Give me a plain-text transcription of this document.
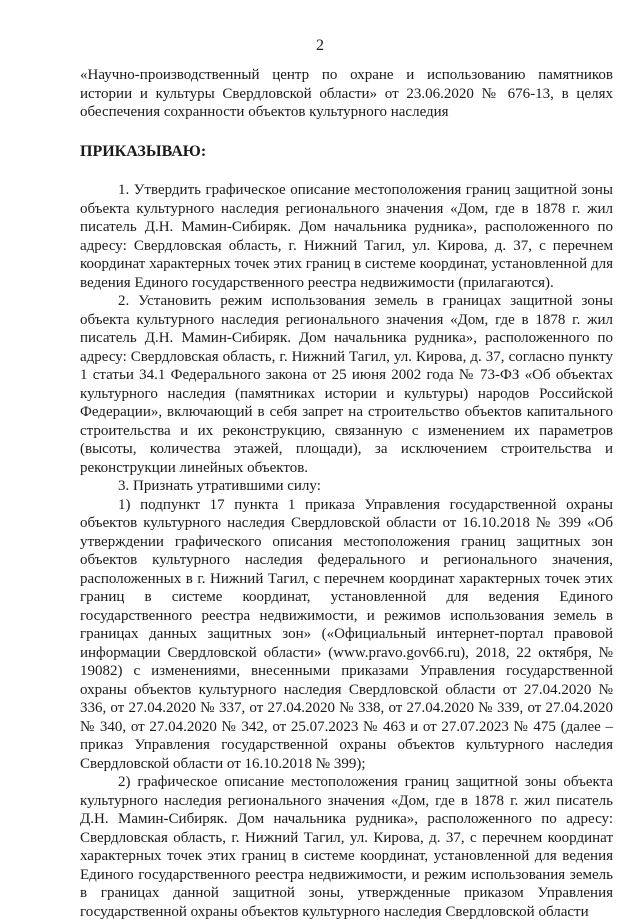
2

«Научно-производственный центр по охране и использованию памятников истории и культуры Свердловской области» от 23.06.2020 № 676-13, в целях обеспечения сохранности объектов культурного наследия

ПРИКАЗЫВАЮ:

1. Утвердить графическое описание местоположения границ защитной зоны объекта культурного наследия регионального значения «Дом, где в 1878 г. жил писатель Д.Н. Мамин-Сибиряк. Дом начальника рудника», расположенного по адресу: Свердловская область, г. Нижний Тагил, ул. Кирова, д. 37, с перечнем координат характерных точек этих границ в системе координат, установленной для ведения Единого государственного реестра недвижимости (прилагаются).

2. Установить режим использования земель в границах защитной зоны объекта культурного наследия регионального значения «Дом, где в 1878 г. жил писатель Д.Н. Мамин-Сибиряк. Дом начальника рудника», расположенного по адресу: Свердловская область, г. Нижний Тагил, ул. Кирова, д. 37, согласно пункту 1 статьи 34.1 Федерального закона от 25 июня 2002 года № 73-ФЗ «Об объектах культурного наследия (памятниках истории и культуры) народов Российской Федерации», включающий в себя запрет на строительство объектов капитального строительства и их реконструкцию, связанную с изменением их параметров (высоты, количества этажей, площади), за исключением строительства и реконструкции линейных объектов.

3. Признать утратившими силу:

1) подпункт 17 пункта 1 приказа Управления государственной охраны объектов культурного наследия Свердловской области от 16.10.2018 № 399 «Об утверждении графического описания местоположения границ защитных зон объектов культурного наследия федерального и регионального значения, расположенных в г. Нижний Тагил, с перечнем координат характерных точек этих границ в системе координат, установленной для ведения Единого государственного реестра недвижимости, и режимов использования земель в границах данных защитных зон» («Официальный интернет-портал правовой информации Свердловской области» (www.pravo.gov66.ru), 2018, 22 октября, № 19082) с изменениями, внесенными приказами Управления государственной охраны объектов культурного наследия Свердловской области от 27.04.2020 № 336, от 27.04.2020 № 337, от 27.04.2020 № 338, от 27.04.2020 № 339, от 27.04.2020 № 340, от 27.04.2020 № 342, от 25.07.2023 № 463 и от 27.07.2023 № 475 (далее – приказ Управления государственной охраны объектов культурного наследия Свердловской области от 16.10.2018 № 399);

2) графическое описание местоположения границ защитной зоны объекта культурного наследия регионального значения «Дом, где в 1878 г. жил писатель Д.Н. Мамин-Сибиряк. Дом начальника рудника», расположенного по адресу: Свердловская область, г. Нижний Тагил, ул. Кирова, д. 37, с перечнем координат характерных точек этих границ в системе координат, установленной для ведения Единого государственного реестра недвижимости, и режим использования земель в границах данной защитной зоны, утвержденные приказом Управления государственной охраны объектов культурного наследия Свердловской области
